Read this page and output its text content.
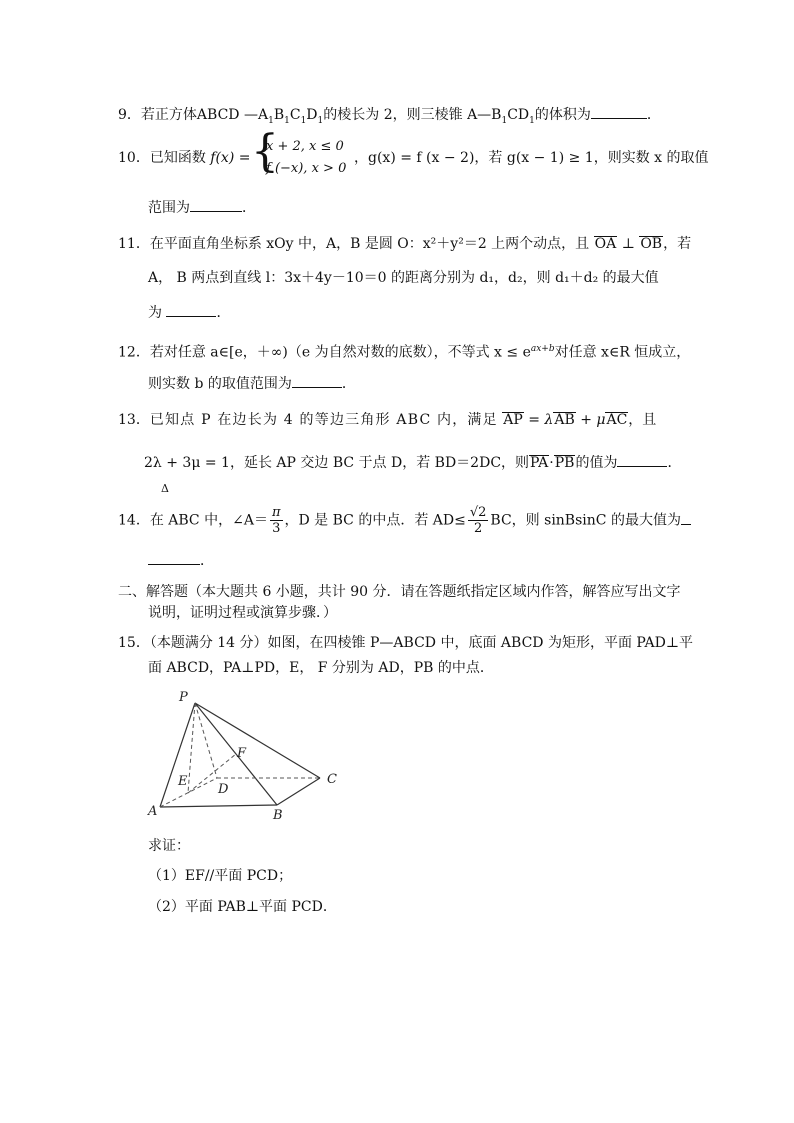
9．若正方体ABCD $—A_1B_1C_1D_1$的棱长为 2，则三棱锥 $A—B_1CD_1$的体积为	．
10．已知函数 f(x) = {
x + 2, x ≤ 0
f (−x), x > 0
，g(x) = f (x − 2)，若 g(x − 1) ≥ 1，则实数 x 的取值
范围为	．
11．在平面直角坐标系 xOy 中，A，B 是圆 O：x²＋y²＝2 上两个动点，且 OA ⊥ OB，若
A， B 两点到直线 l：3x＋4y－10＝0 的距离分别为 d₁，d₂，则 d₁＋d₂ 的最大值
为	．
12．若对任意 a∈[e，＋∞)（e 为自然对数的底数），不等式 $x \le e^{ax+b}$对任意 x∈R 恒成立，
则实数 b 的取值范围为	．
13．已知点 P 在边长为 4 的等边三角形 ABC 内，满足 AP = λAB + μAC，且
2λ + 3μ = 1，延长 AP 交边 BC 于点 D，若 BD＝2DC，则PA·PB的值为	．
Δ
14．在 ABC 中，∠A＝ $\frac{\pi}{3}$ ，D 是 BC 的中点．若 $AD\le \frac{√2}{2}$ BC，则 sinBsinC 的最大值为
．
二、解答题（本大题共 6 小题，共计 90 分．请在答题纸指定区域内作答，解答应写出文字
说明，证明过程或演算步骤．）
15．（本题满分 14 分）如图，在四棱锥 P—ABCD 中，底面 ABCD 为矩形，平面 PAD⊥平
面 ABCD，PA⊥PD，E， F 分别为 AD，PB 的中点．
P
F
E
D
C
A	B
求证：
（1）EF//平面 PCD；
（2）平面 PAB⊥平面 PCD．
